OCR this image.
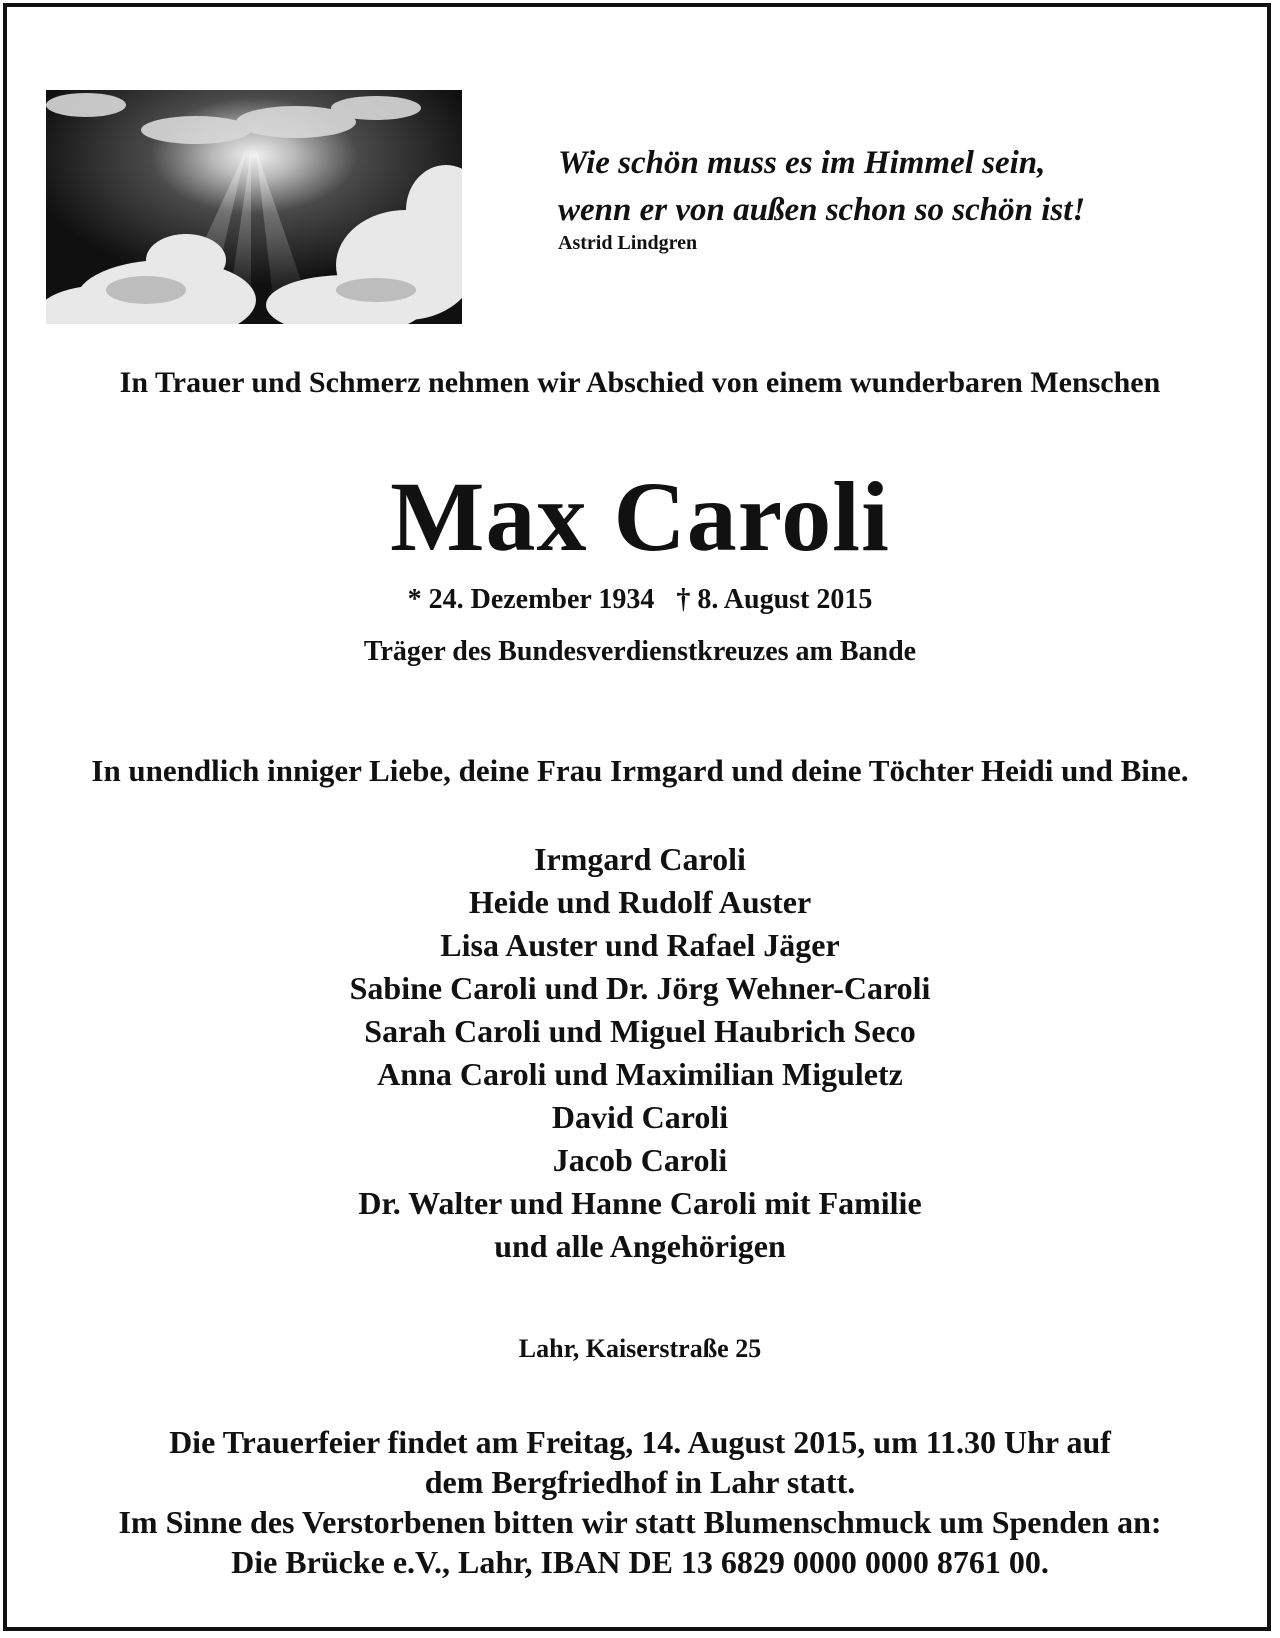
Wie schön muss es im Himmel sein,
wenn er von außen schon so schön ist!
Astrid Lindgren
In Trauer und Schmerz nehmen wir Abschied von einem wunderbaren Menschen
Max Caroli
* 24. Dezember 1934 † 8. August 2015
Träger des Bundesverdienstkreuzes am Bande
In unendlich inniger Liebe, deine Frau Irmgard und deine Töchter Heidi und Bine.
Irmgard Caroli
Heide und Rudolf Auster
Lisa Auster und Rafael Jäger
Sabine Caroli und Dr. Jörg Wehner-Caroli
Sarah Caroli und Miguel Haubrich Seco
Anna Caroli und Maximilian Miguletz
David Caroli
Jacob Caroli
Dr. Walter und Hanne Caroli mit Familie
und alle Angehörigen
Lahr, Kaiserstraße 25
Die Trauerfeier findet am Freitag, 14. August 2015, um 11.30 Uhr auf
dem Bergfriedhof in Lahr statt.
Im Sinne des Verstorbenen bitten wir statt Blumenschmuck um Spenden an:
Die Brücke e.V., Lahr, IBAN DE 13 6829 0000 0000 8761 00.
